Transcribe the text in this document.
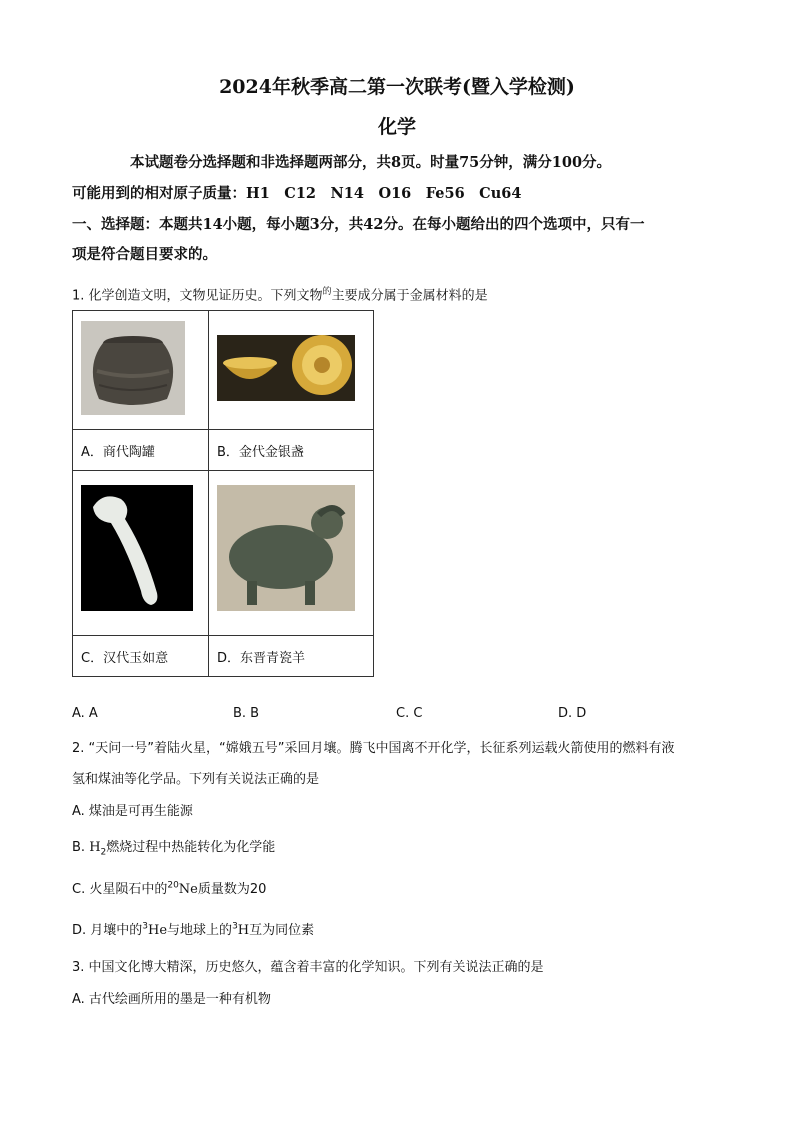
2024年秋季高二第一次联考(暨入学检测)
化学
本试题卷分选择题和非选择题两部分，共8页。时量75分钟，满分100分。
可能用到的相对原子质量：H1　C12　N14　O16　Fe56　Cu64
一、选择题：本题共14小题，每小题3分，共42分。在每小题给出的四个选项中，只有一
项是符合题目要求的。
1. 化学创造文明，文物见证历史。下列文物$^的$主要成分属于金属材料的是

A．商代陶罐	B．金代金银盏

C．汉代玉如意	D．东晋青瓷羊
A. A	B. B	C. C	D. D
2. “天问一号”着陆火星，“嫦娥五号”采回月壤。腾飞中国离不开化学，长征系列运载火箭使用的燃料有液
氢和煤油等化学品。下列有关说法正确的是
A. 煤油是可再生能源
B. $H_2$燃烧过程中热能转化为化学能
C. 火星陨石中的$^{20}$Ne质量数为20
D. 月壤中的$^3$He与地球上的$^3$H互为同位素
3. 中国文化博大精深，历史悠久，蕴含着丰富的化学知识。下列有关说法正确的是
A. 古代绘画所用的墨是一种有机物
